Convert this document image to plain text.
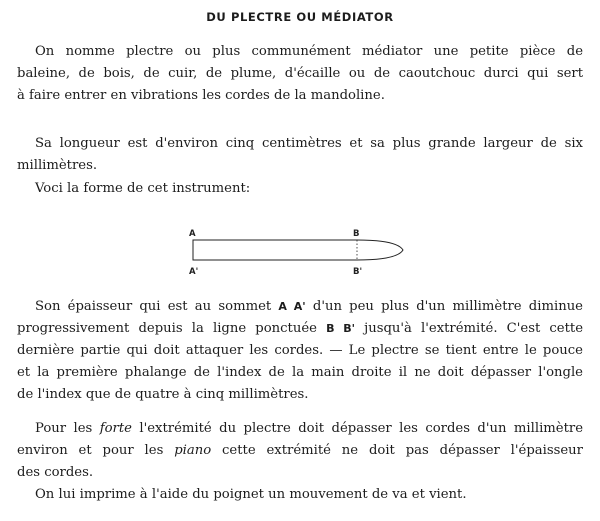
DU PLECTRE OU MÉDIATOR
On nomme plectre ou plus communément médiator une petite pièce de
baleine, de bois, de cuir, de plume, d'écaille ou de caoutchouc durci qui sert
à faire entrer en vibrations les cordes de la mandoline.
Sa longueur est d'environ cinq centimètres et sa plus grande largeur de six
millimètres.
Voci la forme de cet instrument:
A
A'
B
B'
Son épaisseur qui est au sommet A A' d'un peu plus d'un millimètre diminue
progressivement depuis la ligne ponctuée B B' jusqu'à l'extrémité. C'est cette
dernière partie qui doit attaquer les cordes. — Le plectre se tient entre le pouce
et la première phalange de l'index de la main droite il ne doit dépasser l'ongle
de l'index que de quatre à cinq millimètres.
Pour les forte l'extrémité du plectre doit dépasser les cordes d'un millimètre
environ et pour les piano cette extrémité ne doit pas dépasser l'épaisseur
des cordes.
On lui imprime à l'aide du poignet un mouvement de va et vient.
